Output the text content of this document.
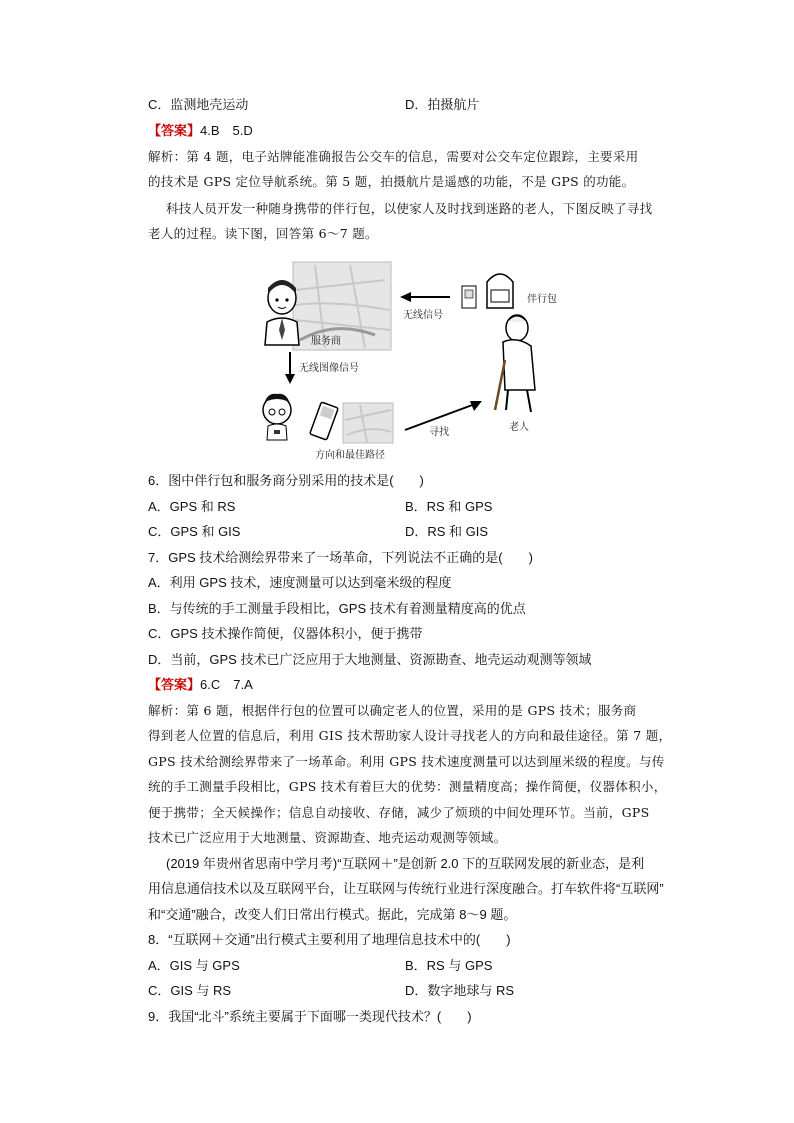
C．监测地壳运动	D．拍摄航片
【答案】4.B　5.D
解析：第 4 题，电子站牌能准确报告公交车的信息，需要对公交车定位跟踪，主要采用
的技术是 GPS 定位导航系统。第 5 题，拍摄航片是遥感的功能，不是 GPS 的功能。
科技人员开发一种随身携带的伴行包，以使家人及时找到迷路的老人，下图反映了寻找
老人的过程。读下图，回答第 6～7 题。
伴行包
无线信号
服务商
无线图像信号
方向和最佳路径
寻找	老人
6．图中伴行包和服务商分别采用的技术是(　　)
A．GPS 和 RS	B．RS 和 GPS
C．GPS 和 GIS	D．RS 和 GIS
7．GPS 技术给测绘界带来了一场革命，下列说法不正确的是(　　)
A．利用 GPS 技术，速度测量可以达到毫米级的程度
B．与传统的手工测量手段相比，GPS 技术有着测量精度高的优点
C．GPS 技术操作简便，仪器体积小，便于携带
D．当前，GPS 技术已广泛应用于大地测量、资源勘查、地壳运动观测等领域
【答案】6.C　7.A
解析：第 6 题，根据伴行包的位置可以确定老人的位置，采用的是 GPS 技术；服务商
得到老人位置的信息后，利用 GIS 技术帮助家人设计寻找老人的方向和最佳途径。第 7 题，
GPS 技术给测绘界带来了一场革命。利用 GPS 技术速度测量可以达到厘米级的程度。与传
统的手工测量手段相比，GPS 技术有着巨大的优势：测量精度高；操作简便，仪器体积小，
便于携带；全天候操作；信息自动接收、存储，减少了烦琐的中间处理环节。当前，GPS
技术已广泛应用于大地测量、资源勘查、地壳运动观测等领域。
(2019 年贵州省思南中学月考)“互联网＋”是创新 2.0 下的互联网发展的新业态，是利
用信息通信技术以及互联网平台，让互联网与传统行业进行深度融合。打车软件将“互联网”
和“交通”融合，改变人们日常出行模式。据此，完成第 8～9 题。
8．“互联网＋交通”出行模式主要利用了地理信息技术中的(　　)
A．GIS 与 GPS	B．RS 与 GPS
C．GIS 与 RS	D．数字地球与 RS
9．我国“北斗”系统主要属于下面哪一类现代技术？(　　)
